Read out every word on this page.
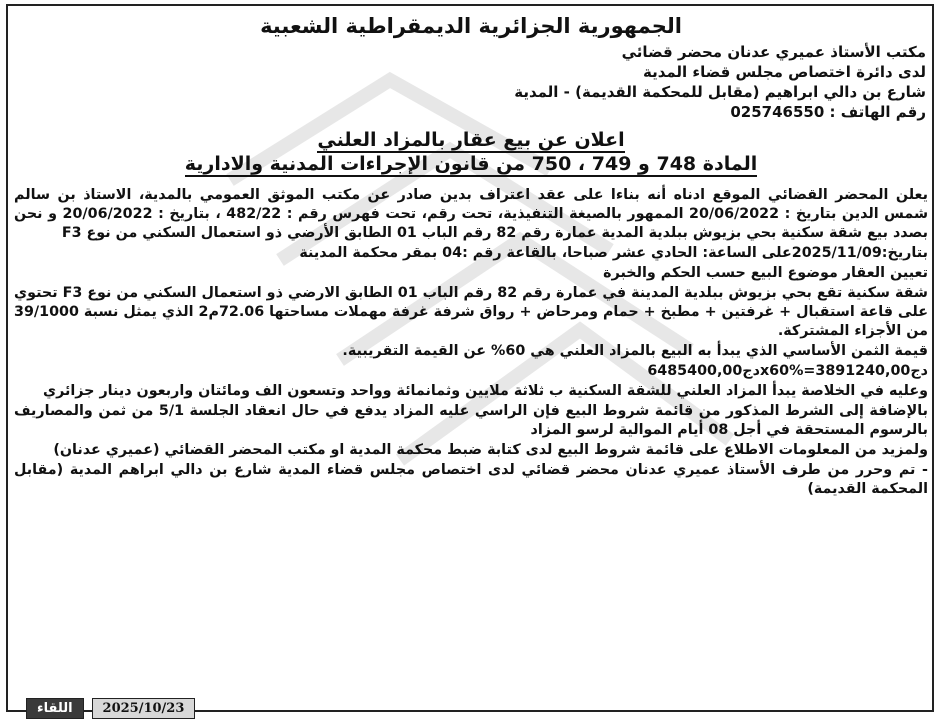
الجمهورية الجزائرية الديمقراطية الشعبية
مكتب الأستاذ عميري عدنان محضر قضائي
لدى دائرة اختصاص مجلس قضاء المدية
شارع بن دالي ابراهيم (مقابل للمحكمة القديمة) - المدية
رقم الهاتف : 025746550
اعلان عن بيع عقار بالمزاد العلني
المادة 748 و 749 ، 750 من قانون الإجراءات المدنية والادارية

يعلن المحضر القضائي الموقع ادناه أنه بناءا على عقد اعتراف بدين صادر عن مكتب الموثق العمومي بالمدية، الاستاذ بن سالم شمس الدين بتاريخ : 20/06/2022 الممهور بالصيغة التنفيذية، تحت رقم، تحت فهرس رقم : 482/22 ، بتاريخ : 20/06/2022 و نحن بصدد بيع شقة سكنية بحي بزيوش ببلدية المدية عمارة رقم 82 رقم الباب 01 الطابق الأرضي ذو استعمال السكني من نوع F3

بتاريخ:2025/11/09على الساعة: الحادي عشر صباحا، بالقاعة رقم :04 بمقر محكمة المدينة

تعيين العقار موضوع البيع حسب الحكم والخبرة

شقة سكنية تقع بحي بزيوش ببلدية المدينة في عمارة رقم 82 رقم الباب 01 الطابق الارضي ذو استعمال السكني من نوع F3 تحتوي على قاعة استقبال + غرفتين + مطبخ + حمام ومرحاض + رواق شرفة غرفة مهملات مساحتها 72.06م2 الذي يمثل نسبة 39/1000 من الأجزاء المشتركة.

قيمة الثمن الأساسي الذي يبدأ به البيع بالمزاد العلني هي 60% عن القيمة التقريبية.

6485400,00دجx60%=3891240,00دج

وعليه في الخلاصة يبدأ المزاد العلني للشقة السكنية ب ثلاثة ملايين وثمانمائة وواحد وتسعون الف ومائتان واربعون دينار جزائري

بالإضافة إلى الشرط المذكور من قائمة شروط البيع فإن الراسي عليه المزاد يدفع في حال انعقاد الجلسة 5/1 من ثمن والمصاريف بالرسوم المستحقة في أجل 08 أيام الموالية لرسو المزاد

ولمزيد من المعلومات الاطلاع على قائمة شروط البيع لدى كتابة ضبط محكمة المدية او مكتب المحضر القضائي (عميري عدنان)

- تم وحرر من طرف الأستاذ عميري عدنان محضر قضائي لدى اختصاص مجلس قضاء المدية شارع بن دالي ابراهم المدية (مقابل المحكمة القديمة)

اللقاء	2025/10/23
